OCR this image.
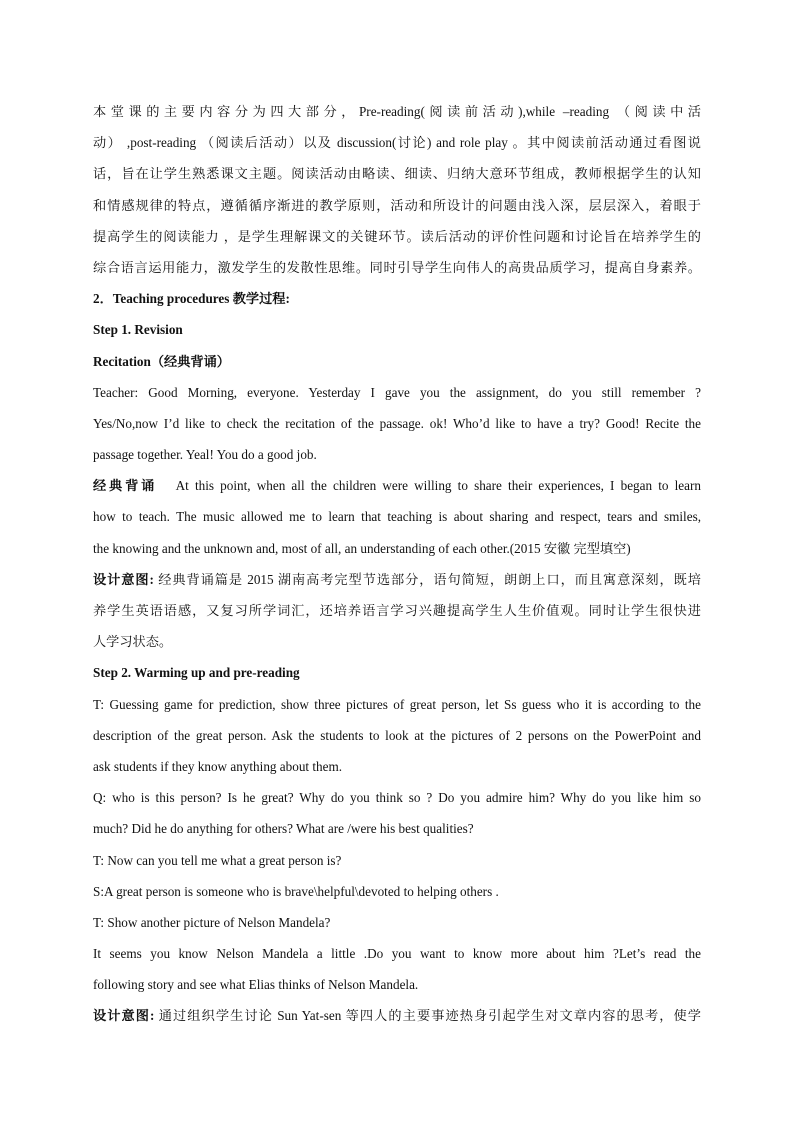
本堂课的主要内容分为四大部分，Pre-reading(阅读前活动),while –reading （阅读中活
动） ,post-reading （阅读后活动）以及 discussion(讨论) and role play 。其中阅读前活动通过看图说
话，旨在让学生熟悉课文主题。阅读活动由略读、细读、归纳大意环节组成，教师根据学生的认知
和情感规律的特点，遵循循序渐进的教学原则，活动和所设计的问题由浅入深，层层深入，着眼于
提高学生的阅读能力 ，是学生理解课文的关键环节。读后活动的评价性问题和讨论旨在培养学生的
综合语言运用能力，激发学生的发散性思维。同时引导学生向伟人的高贵品质学习，提高自身素养。
2．Teaching procedures 教学过程:
Step 1. Revision
Recitation（经典背诵）
Teacher: Good Morning, everyone. Yesterday I gave you the assignment, do you still remember ?
Yes/No,now I’d like to check the recitation of the passage. ok! Who’d like to have a try? Good! Recite the
passage together. Yeal! You do a good job.
经典背诵 At this point, when all the children were willing to share their experiences, I began to learn
how to teach. The music allowed me to learn that teaching is about sharing and respect, tears and smiles,
the knowing and the unknown and, most of all, an understanding of each other.(2015 安徽 完型填空)
设计意图: 经典背诵篇是 2015 湖南高考完型节选部分，语句简短，朗朗上口，而且寓意深刻，既培
养学生英语语感，又复习所学词汇，还培养语言学习兴趣提高学生人生价值观。同时让学生很快进
人学习状态。
Step 2. Warming up and pre-reading
T: Guessing game for prediction, show three pictures of great person, let Ss guess who it is according to the
description of the great person. Ask the students to look at the pictures of 2 persons on the PowerPoint and
ask students if they know anything about them.
Q: who is this person? Is he great? Why do you think so ? Do you admire him? Why do you like him so
much? Did he do anything for others? What are /were his best qualities?
T: Now can you tell me what a great person is?
S:A great person is someone who is brave\helpful\devoted to helping others .
T: Show another picture of Nelson Mandela?
It seems you know Nelson Mandela a little .Do you want to know more about him ?Let’s read the
following story and see what Elias thinks of Nelson Mandela.
设计意图: 通过组织学生讨论 Sun Yat-sen 等四人的主要事迹热身引起学生对文章内容的思考，使学
